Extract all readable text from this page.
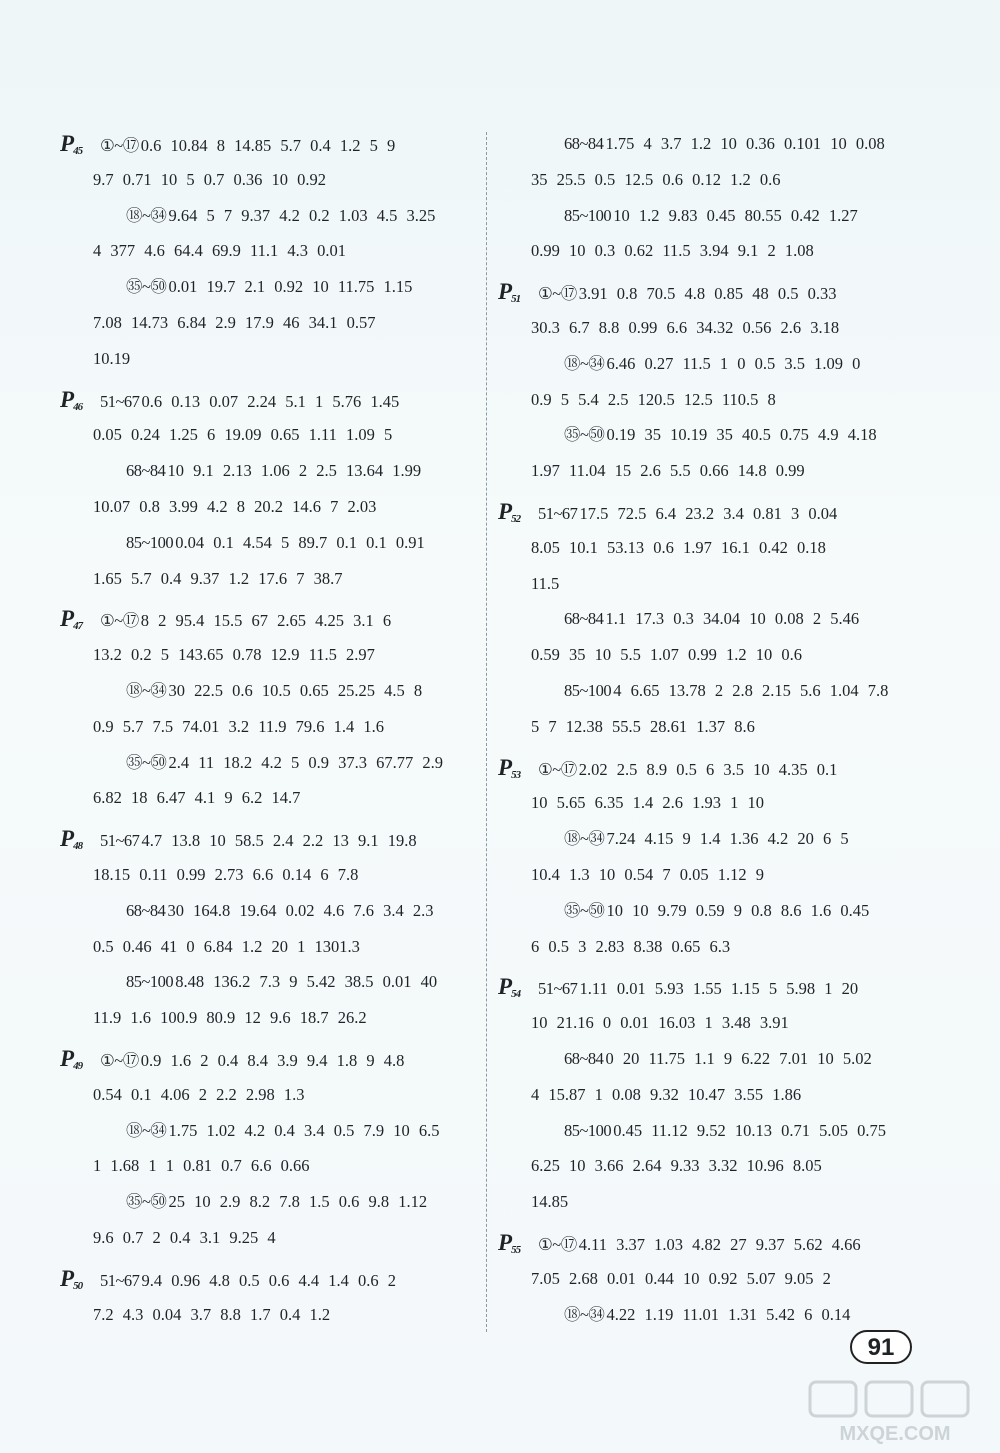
$P_{45}$ ①~⑰ 0.6 10.84 8 14.85 5.7 0.4 1.2 5 9
9.7 0.71 10 5 0.7 0.36 10 0.92
⑱~㉞ 9.64 5 7 9.37 4.2 0.2 1.03 4.5 3.25
4 377 4.6 64.4 69.9 11.1 4.3 0.01
㉟~㊿ 0.01 19.7 2.1 0.92 10 11.75 1.15
7.08 14.73 6.84 2.9 17.9 46 34.1 0.57
10.19
$P_{46}$ 51~67 0.6 0.13 0.07 2.24 5.1 1 5.76 1.45
0.05 0.24 1.25 6 19.09 0.65 1.11 1.09 5
68~84 10 9.1 2.13 1.06 2 2.5 13.64 1.99
10.07 0.8 3.99 4.2 8 20.2 14.6 7 2.03
85~100 0.04 0.1 4.54 5 89.7 0.1 0.1 0.91
1.65 5.7 0.4 9.37 1.2 17.6 7 38.7
$P_{47}$ ①~⑰ 8 2 95.4 15.5 67 2.65 4.25 3.1 6
13.2 0.2 5 143.65 0.78 12.9 11.5 2.97
⑱~㉞ 30 22.5 0.6 10.5 0.65 25.25 4.5 8
0.9 5.7 7.5 74.01 3.2 11.9 79.6 1.4 1.6
㉟~㊿ 2.4 11 18.2 4.2 5 0.9 37.3 67.77 2.9
6.82 18 6.47 4.1 9 6.2 14.7
$P_{48}$ 51~67 4.7 13.8 10 58.5 2.4 2.2 13 9.1 19.8
18.15 0.11 0.99 2.73 6.6 0.14 6 7.8
68~84 30 164.8 19.64 0.02 4.6 7.6 3.4 2.3
0.5 0.46 41 0 6.84 1.2 20 1 1301.3
85~100 8.48 136.2 7.3 9 5.42 38.5 0.01 40
11.9 1.6 100.9 80.9 12 9.6 18.7 26.2
$P_{49}$ ①~⑰ 0.9 1.6 2 0.4 8.4 3.9 9.4 1.8 9 4.8
0.54 0.1 4.06 2 2.2 2.98 1.3
⑱~㉞ 1.75 1.02 4.2 0.4 3.4 0.5 7.9 10 6.5
1 1.68 1 1 0.81 0.7 6.6 0.66
㉟~㊿ 25 10 2.9 8.2 7.8 1.5 0.6 9.8 1.12
9.6 0.7 2 0.4 3.1 9.25 4
$P_{50}$ 51~67 9.4 0.96 4.8 0.5 0.6 4.4 1.4 0.6 2
7.2 4.3 0.04 3.7 8.8 1.7 0.4 1.2
68~84 1.75 4 3.7 1.2 10 0.36 0.101 10 0.08
35 25.5 0.5 12.5 0.6 0.12 1.2 0.6
85~100 10 1.2 9.83 0.45 80.55 0.42 1.27
0.99 10 0.3 0.62 11.5 3.94 9.1 2 1.08
$P_{51}$ ①~⑰ 3.91 0.8 70.5 4.8 0.85 48 0.5 0.33
30.3 6.7 8.8 0.99 6.6 34.32 0.56 2.6 3.18
⑱~㉞ 6.46 0.27 11.5 1 0 0.5 3.5 1.09 0
0.9 5 5.4 2.5 120.5 12.5 110.5 8
㉟~㊿ 0.19 35 10.19 35 40.5 0.75 4.9 4.18
1.97 11.04 15 2.6 5.5 0.66 14.8 0.99
$P_{52}$ 51~67 17.5 72.5 6.4 23.2 3.4 0.81 3 0.04
8.05 10.1 53.13 0.6 1.97 16.1 0.42 0.18
11.5
68~84 1.1 17.3 0.3 34.04 10 0.08 2 5.46
0.59 35 10 5.5 1.07 0.99 1.2 10 0.6
85~100 4 6.65 13.78 2 2.8 2.15 5.6 1.04 7.8
5 7 12.38 55.5 28.61 1.37 8.6
$P_{53}$ ①~⑰ 2.02 2.5 8.9 0.5 6 3.5 10 4.35 0.1
10 5.65 6.35 1.4 2.6 1.93 1 10
⑱~㉞ 7.24 4.15 9 1.4 1.36 4.2 20 6 5
10.4 1.3 10 0.54 7 0.05 1.12 9
㉟~㊿ 10 10 9.79 0.59 9 0.8 8.6 1.6 0.45
6 0.5 3 2.83 8.38 0.65 6.3
$P_{54}$ 51~67 1.11 0.01 5.93 1.55 1.15 5 5.98 1 20
10 21.16 0 0.01 16.03 1 3.48 3.91
68~84 0 20 11.75 1.1 9 6.22 7.01 10 5.02
4 15.87 1 0.08 9.32 10.47 3.55 1.86
85~100 0.45 11.12 9.52 10.13 0.71 5.05 0.75
6.25 10 3.66 2.64 9.33 3.32 10.96 8.05
14.85
$P_{55}$ ①~⑰ 4.11 3.37 1.03 4.82 27 9.37 5.62 4.66
7.05 2.68 0.01 0.44 10 0.92 5.07 9.05 2
⑱~㉞ 4.22 1.19 11.01 1.31 5.42 6 0.14
91
MXQE.COM
